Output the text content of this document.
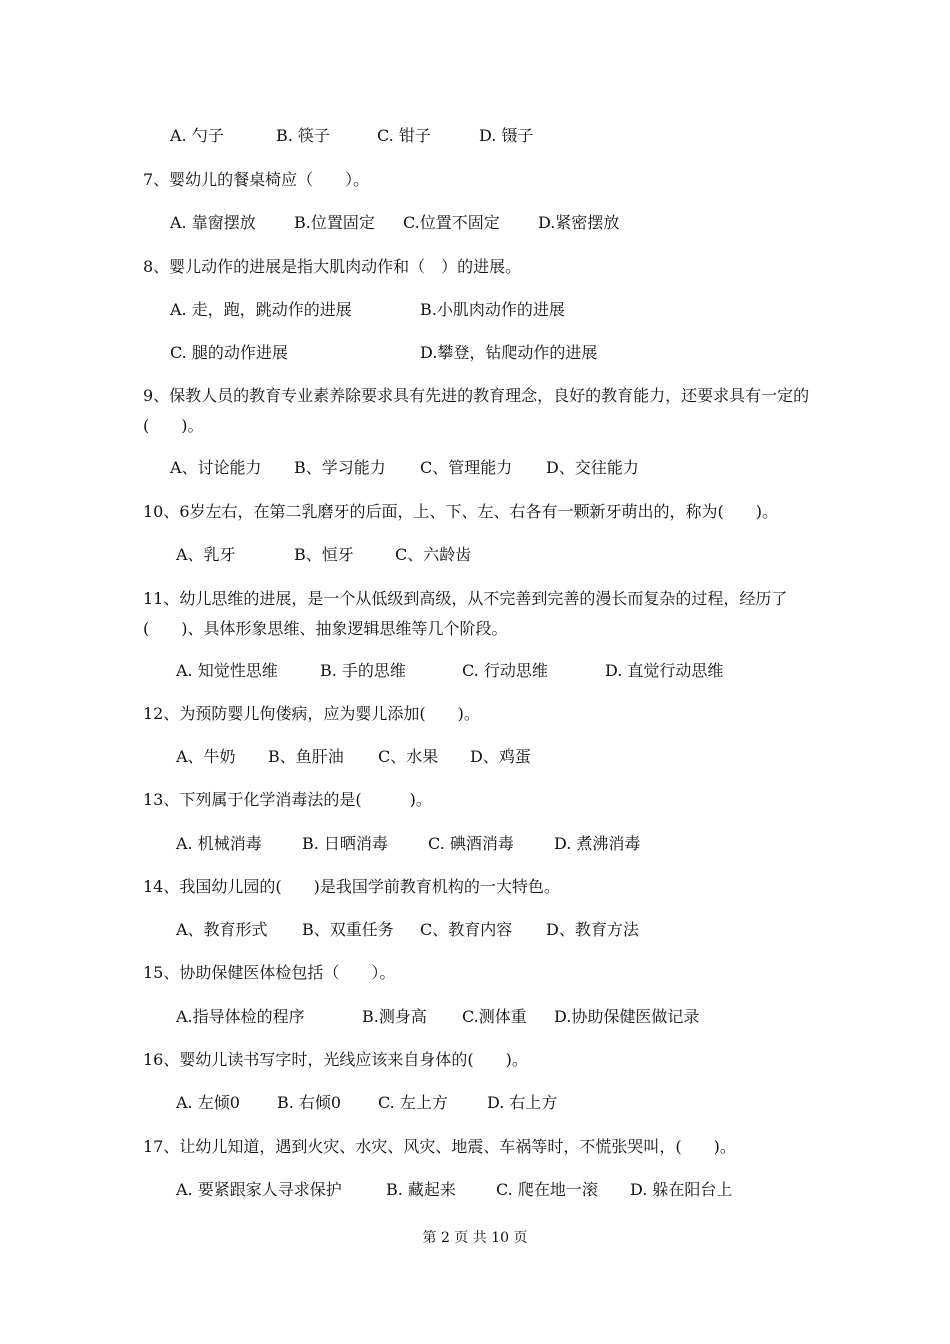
A. 勺子	B. 筷子	C. 钳子	D. 镊子
7、婴幼儿的餐桌椅应（　　）。
A. 靠窗摆放 B.位置固定 C.位置不固定 D.紧密摆放
8、婴儿动作的进展是指大肌肉动作和（　）的进展。
A. 走，跑，跳动作的进展	B.小肌肉动作的进展
C. 腿的动作进展	D.攀登，钻爬动作的进展
9、保教人员的教育专业素养除要求具有先进的教育理念，良好的教育能力，还要求具有一定的(　　)。
A、讨论能力 B、学习能力 C、管理能力 D、交往能力
10、6岁左右，在第二乳磨牙的后面，上、下、左、右各有一颗新牙萌出的，称为(　　)。
A、乳牙	B、恒牙	C、六龄齿
11、幼儿思维的进展，是一个从低级到高级，从不完善到完善的漫长而复杂的过程，经历了(　　)、具体形象思维、抽象逻辑思维等几个阶段。
A. 知觉性思维	B. 手的思维	C. 行动思维	D. 直觉行动思维
12、为预防婴儿佝偻病，应为婴儿添加(　　)。
A、牛奶 B、鱼肝油 C、水果 D、鸡蛋
13、下列属于化学消毒法的是(　　　)。
A. 机械消毒	B. 日晒消毒	C. 碘酒消毒	D. 煮沸消毒
14、我国幼儿园的(　　)是我国学前教育机构的一大特色。
A、教育形式 B、双重任务 C、教育内容 D、教育方法
15、协助保健医体检包括（　　）。
A.指导体检的程序	B.测身高 C.测体重 D.协助保健医做记录
16、婴幼儿读书写字时，光线应该来自身体的(　　)。
A. 左倾0 B. 右倾0 C. 左上方 D. 右上方
17、让幼儿知道，遇到火灾、水灾、风灾、地震、车祸等时，不慌张哭叫，(　　)。
A. 要紧跟家人寻求保护	B. 藏起来	C. 爬在地一滚 D. 躲在阳台上
第 2 页 共 10 页
